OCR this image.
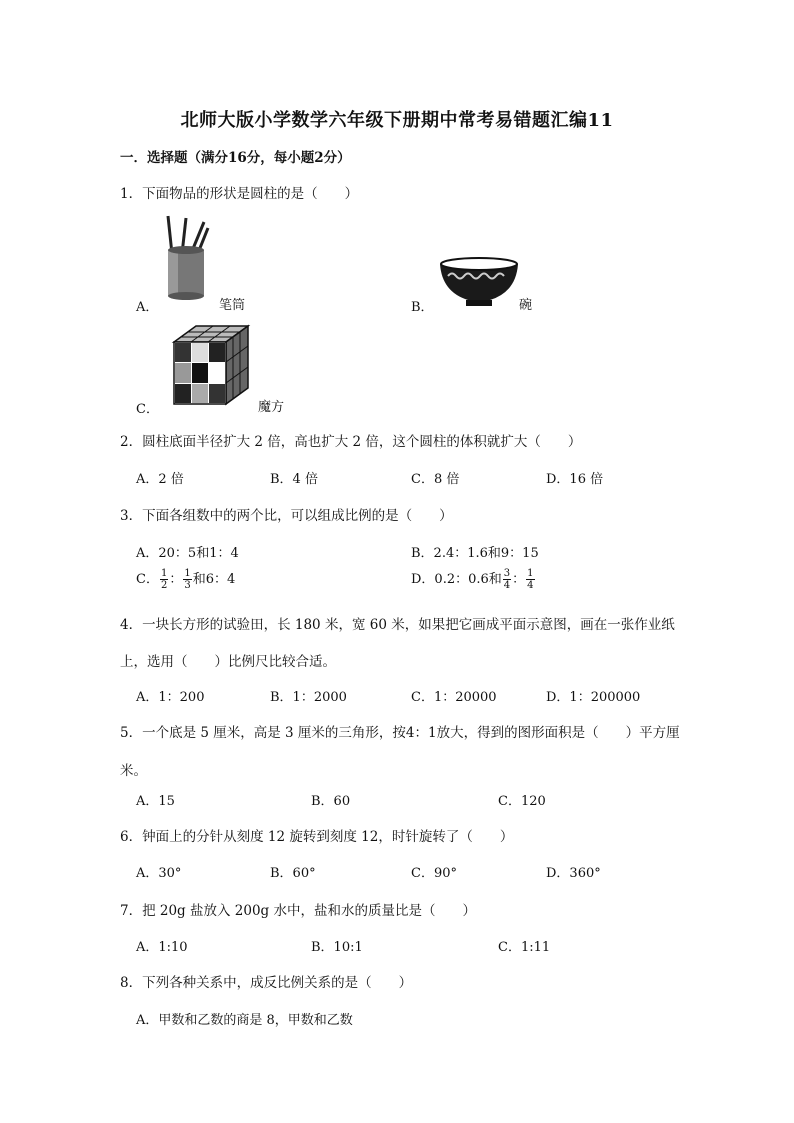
北师大版小学数学六年级下册期中常考易错题汇编11
一．选择题（满分16分，每小题2分）
1．下面物品的形状是圆柱的是（　　）
A．	笔筒	B．	碗
C．	魔方
2．圆柱底面半径扩大 2 倍，高也扩大 2 倍，这个圆柱的体积就扩大（　　）
A．2 倍	B．4 倍	C．8 倍	D．16 倍
3．下面各组数中的两个比，可以组成比例的是（　　）
A．20：5和1：4	B．2.4：1.6和9：15
C． $\frac{1}{2}$ ： $\frac{1}{3}$ 和6：4	D．0.2：0.6和 $\frac{3}{4}$ ： $\frac{1}{4}$
4．一块长方形的试验田，长 180 米，宽 60 米，如果把它画成平面示意图，画在一张作业纸
上，选用（　　）比例尺比较合适。
A．1：200	B．1：2000	C．1：20000	D．1：200000
5．一个底是 5 厘米，高是 3 厘米的三角形，按4：1放大，得到的图形面积是（　　）平方厘
米。
A．15	B．60	C．120
6．钟面上的分针从刻度 12 旋转到刻度 12，时针旋转了（　　）
A．30°	B．60°	C．90°	D．360°
7．把 20g 盐放入 200g 水中，盐和水的质量比是（　　）
A．1:10	B．10:1	C．1:11
8．下列各种关系中，成反比例关系的是（　　）
A．甲数和乙数的商是 8，甲数和乙数
